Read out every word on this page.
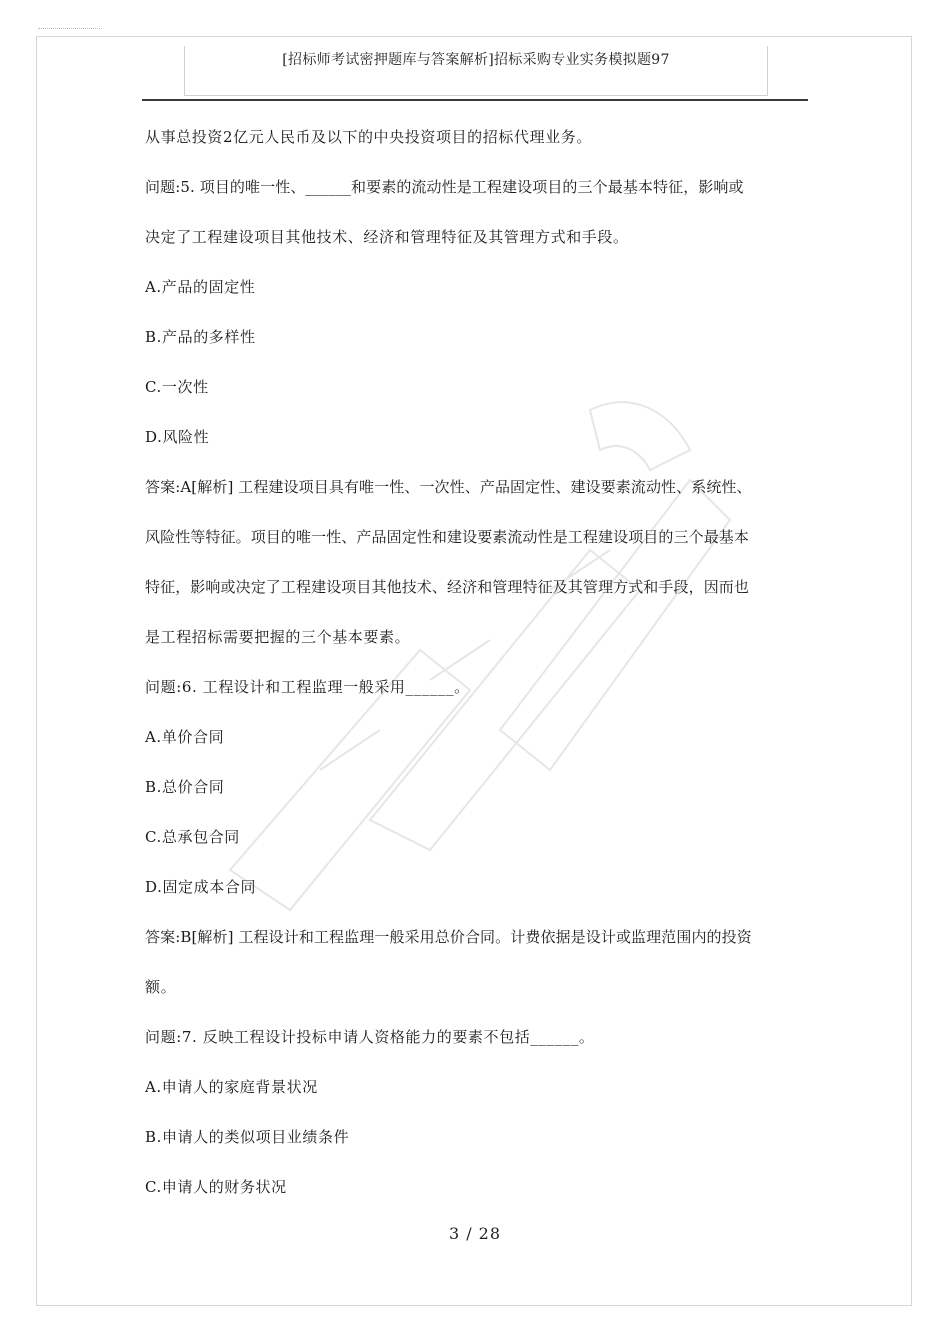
[招标师考试密押题库与答案解析]招标采购专业实务模拟题97
从事总投资2亿元人民币及以下的中央投资项目的招标代理业务。
问题:5. 项目的唯一性、______和要素的流动性是工程建设项目的三个最基本特征，影响或
决定了工程建设项目其他技术、经济和管理特征及其管理方式和手段。
A.产品的固定性
B.产品的多样性
C.一次性
D.风险性
答案:A[解析] 工程建设项目具有唯一性、一次性、产品固定性、建设要素流动性、系统性、
风险性等特征。项目的唯一性、产品固定性和建设要素流动性是工程建设项目的三个最基本
特征，影响或决定了工程建设项目其他技术、经济和管理特征及其管理方式和手段，因而也
是工程招标需要把握的三个基本要素。
问题:6. 工程设计和工程监理一般采用______。
A.单价合同
B.总价合同
C.总承包合同
D.固定成本合同
答案:B[解析] 工程设计和工程监理一般采用总价合同。计费依据是设计或监理范围内的投资
额。
问题:7. 反映工程设计投标申请人资格能力的要素不包括______。
A.申请人的家庭背景状况
B.申请人的类似项目业绩条件
C.申请人的财务状况
3 / 28
